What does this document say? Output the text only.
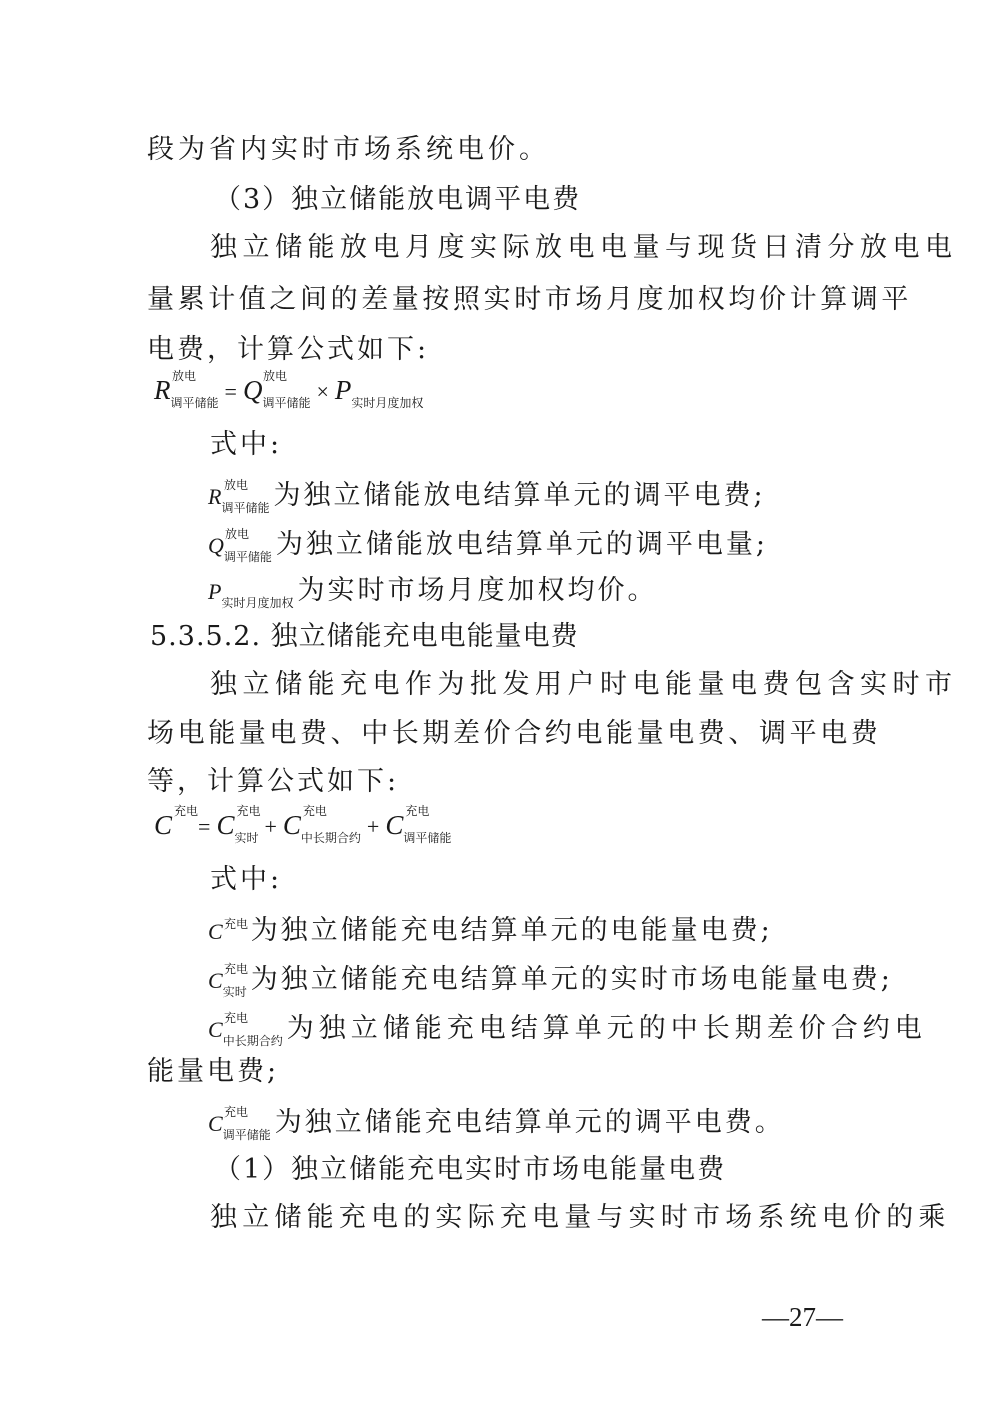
段为省内实时市场系统电价。
（3）独立储能放电调平电费
独立储能放电月度实际放电电量与现货日清分放电电
量累计值之间的差量按照实时市场月度加权均价计算调平
电费，计算公式如下:
R 放电
$_{调平储能}$ = Q 放电
$_{调平储能} \times P_{实时月度加权}$
式中:
R 放电
$_{调平储能}$ 为独立储能放电结算单元的调平电费;
Q 放电
$_{调平储能}$ 为独立储能放电结算单元的调平电量;
$P_{实时月度加权}$ 为实时市场月度加权均价。
5.3.5.2. 独立储能充电电能量电费
独立储能充电作为批发用户时电能量电费包含实时市
场电能量电费、中长期差价合约电能量电费、调平电费
等，计算公式如下:
C 充电
= C 充电
$_{实时}$ + C 充电
$_{中长期合约}$ + C 充电
$_{调平储能}$
式中:
C 充电 为独立储能充电结算单元的电能量电费;
C 充电
$_{实时}$ 为独立储能充电结算单元的实时市场电能量电费;
C 充电
$_{中长期合约}$ 为独立储能充电结算单元的中长期差价合约电
能量电费;
C 充电
$_{调平储能}$ 为独立储能充电结算单元的调平电费。
（1）独立储能充电实时市场电能量电费
独立储能充电的实际充电量与实时市场系统电价的乘
—27—
